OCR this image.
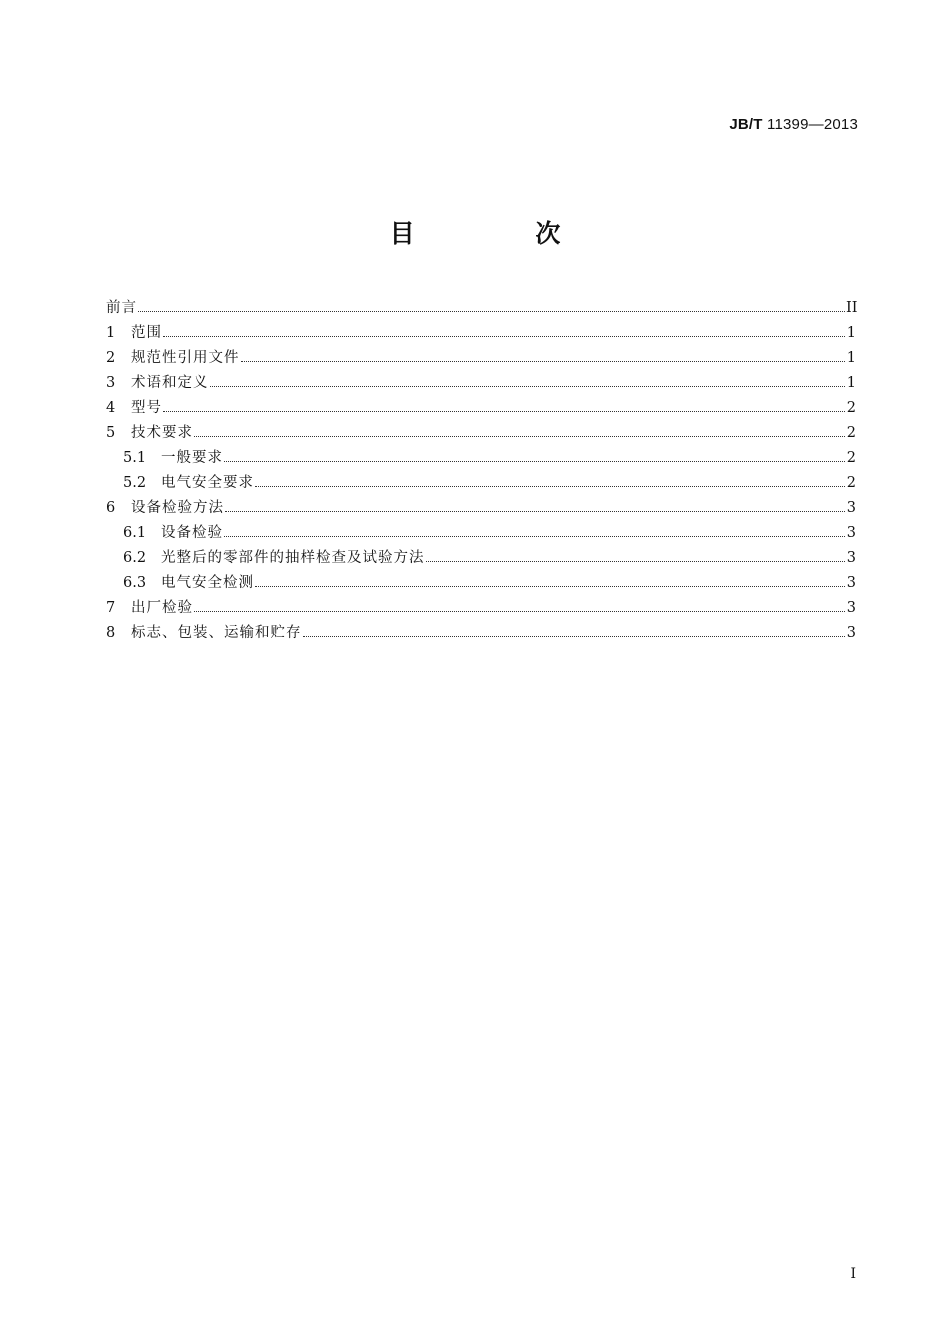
JB/T 11399—2013
目 次
前言	II
1	范围	1
2	规范性引用文件	1
3	术语和定义	1
4	型号	2
5	技术要求	2
5.1	一般要求	2
5.2	电气安全要求	2
6	设备检验方法	3
6.1	设备检验	3
6.2	光整后的零部件的抽样检查及试验方法	3
6.3	电气安全检测	3
7	出厂检验	3
8	标志、包装、运输和贮存	3
I
